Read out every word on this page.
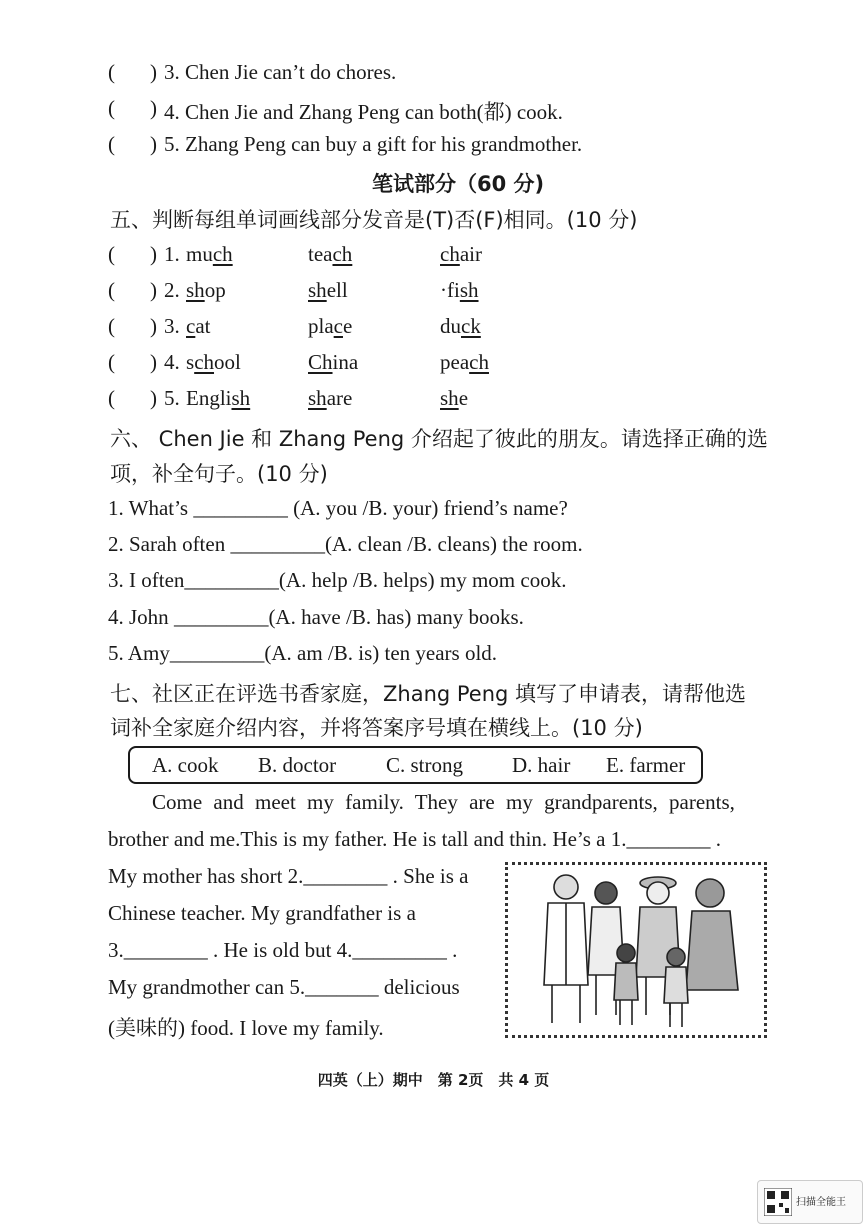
( ) 3. Chen Jie can’t do chores.
( ) 4. Chen Jie and Zhang Peng can both(都) cook.
( ) 5. Zhang Peng can buy a gift for his grandmother.
笔试部分（60 分)
五、判断每组单词画线部分发音是(T)否(F)相同。(10 分)
( ) 1. much	teach	chair
( ) 2. shop	shell	·fish
( ) 3. cat	place	duck
( ) 4. school	China	peach
( ) 5. English	share	she
六、 Chen Jie 和 Zhang Peng 介绍起了彼此的朋友。请选择正确的选
项，补全句子。(10 分)
1. What’s _________ (A. you /B. your) friend’s name?
2. Sarah often _________(A. clean /B. cleans) the room.
3. I often_________(A. help /B. helps) my mom cook.
4. John _________(A. have /B. has) many books.
5. Amy_________(A. am /B. is) ten years old.
七、社区正在评选书香家庭，Zhang Peng 填写了申请表，请帮他选
词补全家庭介绍内容，并将答案序号填在横线上。(10 分)
A. cook B. doctor C. strong D. hair E. farmer
Come and meet my family. They are my grandparents, parents,
brother and me.This is my father. He is tall and thin. He’s a 1.________ .
My mother has short 2.________ . She is a
Chinese teacher. My grandfather is a
3.________ . He is old but 4._________ .
My grandmother can 5._______ delicious
(美味的) food. I love my family.
四英（上）期中　第 2页　共 4 页
扫描全能王
